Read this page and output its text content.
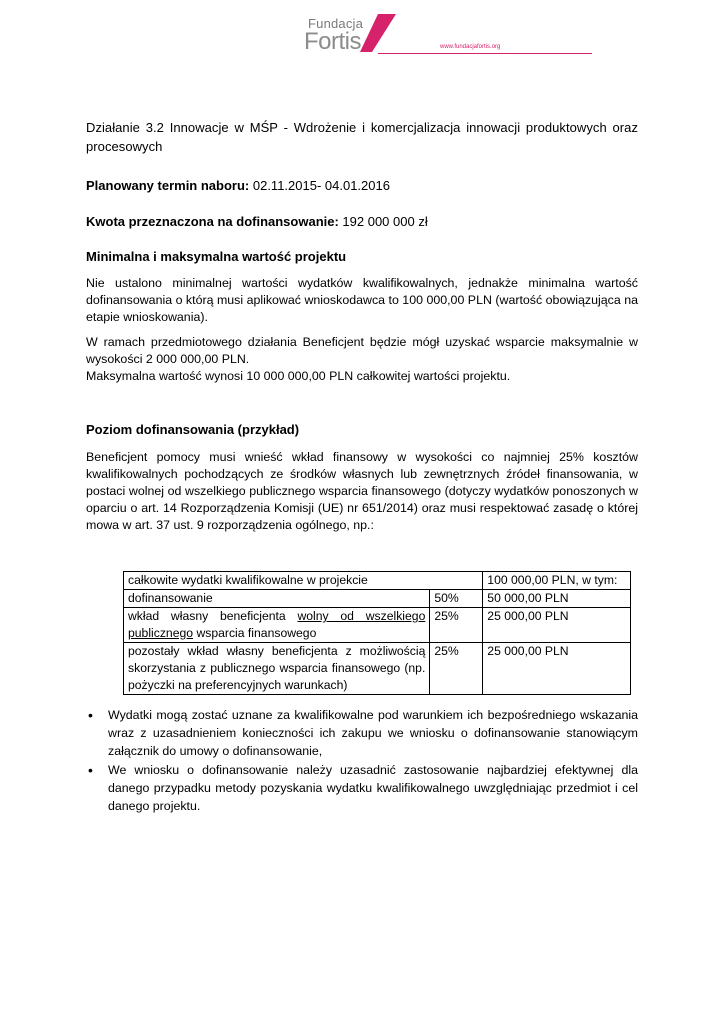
Fundacja
Fortis	www.fundacjafortis.org

Działanie 3.2 Innowacje w MŚP - Wdrożenie i komercjalizacja innowacji produktowych oraz procesowych

Planowany termin naboru: 02.11.2015- 04.01.2016

Kwota przeznaczona na dofinansowanie: 192 000 000 zł

Minimalna i maksymalna wartość projektu

Nie ustalono minimalnej wartości wydatków kwalifikowalnych, jednakże minimalna wartość dofinansowania o którą musi aplikować wnioskodawca to 100 000,00 PLN (wartość obowiązująca na etapie wnioskowania).

W ramach przedmiotowego działania Beneficjent będzie mógł uzyskać wsparcie maksymalnie w wysokości 2 000 000,00 PLN.

Maksymalna wartość wynosi 10 000 000,00 PLN całkowitej wartości projektu.

Poziom dofinansowania (przykład)

Beneficjent pomocy musi wnieść wkład finansowy w wysokości co najmniej 25% kosztów kwalifikowalnych pochodzących ze środków własnych lub zewnętrznych źródeł finansowania, w postaci wolnej od wszelkiego publicznego wsparcia finansowego (dotyczy wydatków ponoszonych w oparciu o art. 14 Rozporządzenia Komisji (UE) nr 651/2014) oraz musi respektować zasadę o której mowa w art. 37 ust. 9 rozporządzenia ogólnego, np.:

całkowite wydatki kwalifikowalne w projekcie		100 000,00 PLN, w tym:
dofinansowanie	50%	50 000,00 PLN
wkład własny beneficjenta wolny od wszelkiego publicznego wsparcia finansowego	25%	25 000,00 PLN
pozostały wkład własny beneficjenta z możliwością skorzystania z publicznego wsparcia finansowego (np. pożyczki na preferencyjnych warunkach)	25%	25 000,00 PLN
• Wydatki mogą zostać uznane za kwalifikowalne pod warunkiem ich bezpośredniego wskazania wraz z uzasadnieniem konieczności ich zakupu we wniosku o dofinansowanie stanowiącym załącznik do umowy o dofinansowanie,
• We wniosku o dofinansowanie należy uzasadnić zastosowanie najbardziej efektywnej dla danego przypadku metody pozyskania wydatku kwalifikowalnego uwzględniając przedmiot i cel danego projektu.
